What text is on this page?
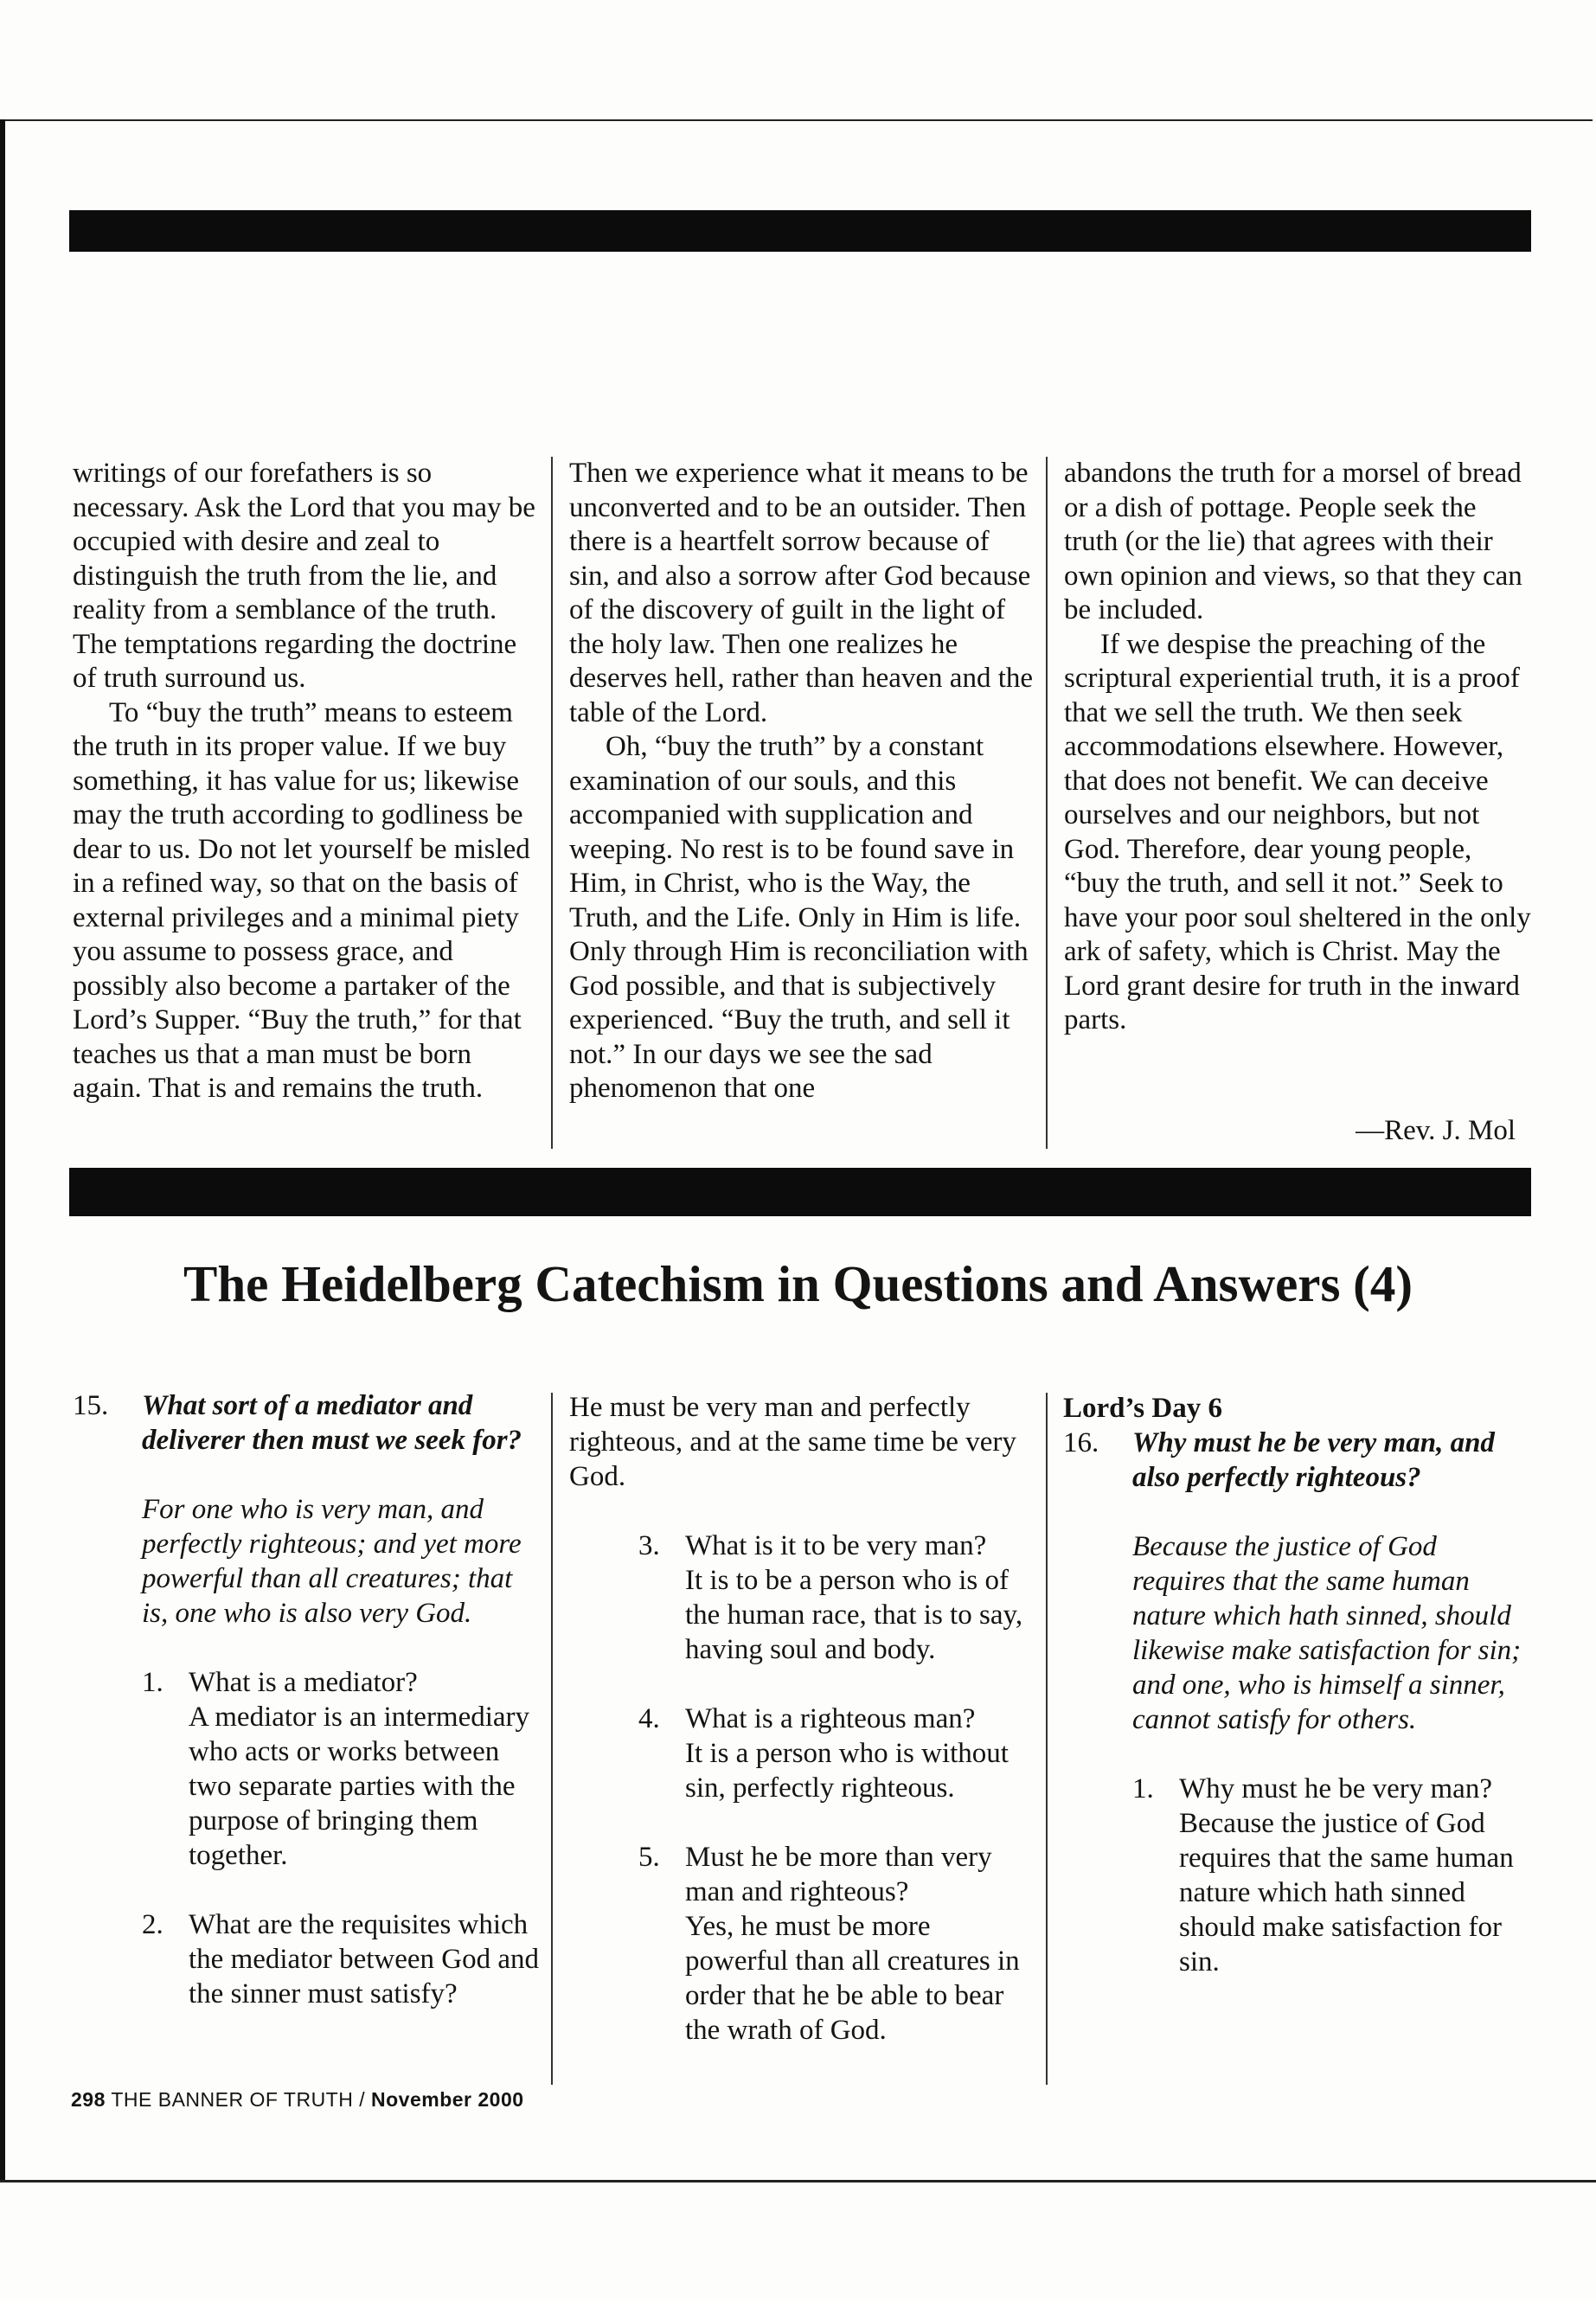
writings of our forefathers is so necessary. Ask the Lord that you may be occupied with desire and zeal to distinguish the truth from the lie, and reality from a semblance of the truth. The temptations regarding the doctrine of truth surround us.

To “buy the truth” means to esteem the truth in its proper value. If we buy something, it has value for us; likewise may the truth according to godliness be dear to us. Do not let yourself be misled in a refined way, so that on the basis of external privileges and a minimal piety you assume to possess grace, and possibly also become a partaker of the Lord’s Supper. “Buy the truth,” for that teaches us that a man must be born again. That is and remains the truth.

Then we experience what it means to be unconverted and to be an outsider. Then there is a heartfelt sorrow because of sin, and also a sorrow after God because of the discovery of guilt in the light of the holy law. Then one realizes he deserves hell, rather than heaven and the table of the Lord.

Oh, “buy the truth” by a constant examination of our souls, and this accompanied with supplication and weeping. No rest is to be found save in Him, in Christ, who is the Way, the Truth, and the Life. Only in Him is life. Only through Him is reconciliation with God possible, and that is subjectively experienced. “Buy the truth, and sell it not.” In our days we see the sad phenomenon that one

abandons the truth for a morsel of bread or a dish of pottage. People seek the truth (or the lie) that agrees with their own opinion and views, so that they can be included.

If we despise the preaching of the scriptural experiential truth, it is a proof that we sell the truth. We then seek accommodations elsewhere. However, that does not benefit. We can deceive ourselves and our neighbors, but not God. Therefore, dear young people, “buy the truth, and sell it not.” Seek to have your poor soul sheltered in the only ark of safety, which is Christ. May the Lord grant desire for truth in the inward parts.

—Rev. J. Mol
The Heidelberg Catechism in Questions and Answers (4)
15. What sort of a mediator and deliverer then must we seek for?

For one who is very man, and perfectly righteous; and yet more powerful than all creatures; that is, one who is also very God.

1. What is a mediator?

A mediator is an intermediary who acts or works between two separate parties with the purpose of bringing them together.

2. What are the requisites which the mediator between God and the sinner must satisfy?

He must be very man and perfectly righteous, and at the same time be very God.

3. What is it to be very man?

It is to be a person who is of the human race, that is to say, having soul and body.

4. What is a righteous man?

It is a person who is without sin, perfectly righteous.

5. Must he be more than very man and righteous?

Yes, he must be more powerful than all creatures in order that he be able to bear the wrath of God.

Lord’s Day 6

16. Why must he be very man, and also perfectly righteous?

Because the justice of God requires that the same human nature which hath sinned, should likewise make satisfaction for sin; and one, who is himself a sinner, cannot satisfy for others.

1. Why must he be very man?

Because the justice of God requires that the same human nature which hath sinned should make satisfaction for sin.

298 THE BANNER OF TRUTH / November 2000
